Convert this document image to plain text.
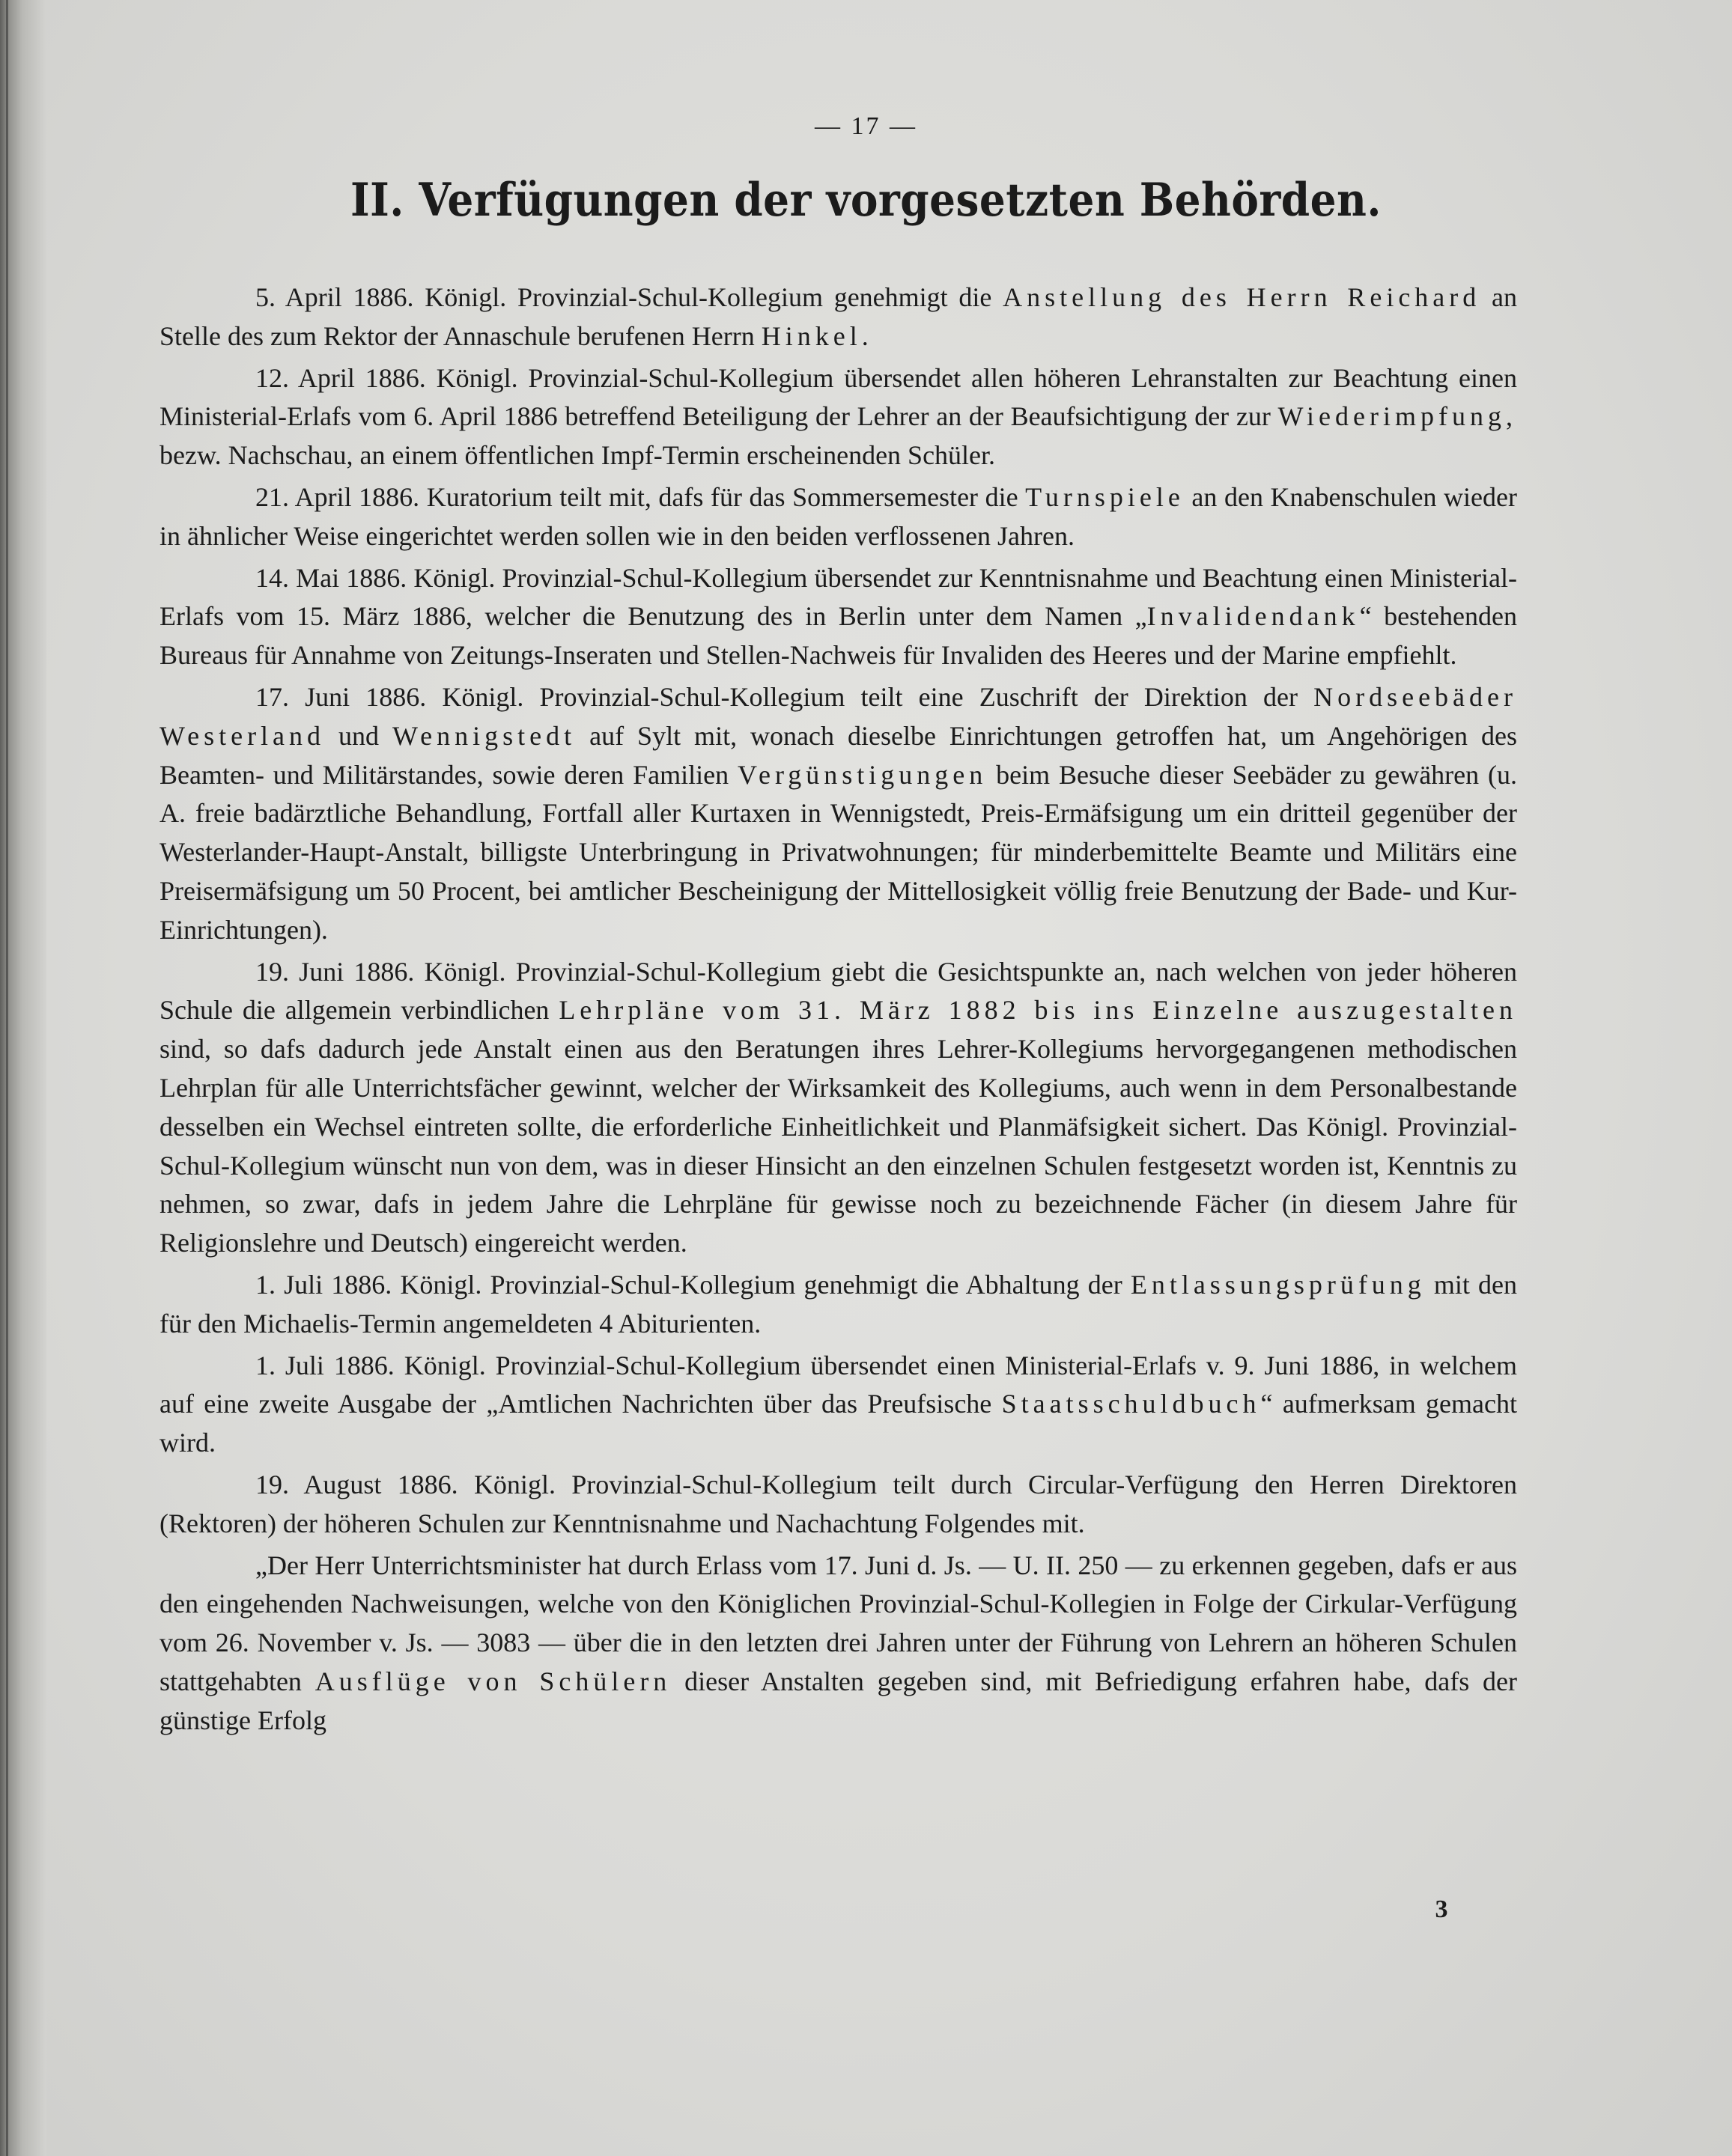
— 17 —
II. Verfügungen der vorgesetzten Behörden.

5. April 1886. Königl. Provinzial-Schul-Kollegium genehmigt die Anstellung des Herrn Reichard an Stelle des zum Rektor der Annaschule berufenen Herrn Hinkel.

12. April 1886. Königl. Provinzial-Schul-Kollegium übersendet allen höheren Lehranstalten zur Beachtung einen Ministerial-Erlafs vom 6. April 1886 betreffend Beteiligung der Lehrer an der Beaufsichtigung der zur Wiederimpfung, bezw. Nachschau, an einem öffentlichen Impf-Termin erscheinenden Schüler.

21. April 1886. Kuratorium teilt mit, dafs für das Sommersemester die Turnspiele an den Knabenschulen wieder in ähnlicher Weise eingerichtet werden sollen wie in den beiden verflossenen Jahren.

14. Mai 1886. Königl. Provinzial-Schul-Kollegium übersendet zur Kenntnisnahme und Beachtung einen Ministerial-Erlafs vom 15. März 1886, welcher die Benutzung des in Berlin unter dem Namen „Invalidendank“ bestehenden Bureaus für Annahme von Zeitungs-Inseraten und Stellen-Nachweis für Invaliden des Heeres und der Marine empfiehlt.

17. Juni 1886. Königl. Provinzial-Schul-Kollegium teilt eine Zuschrift der Direktion der Nordseebäder Westerland und Wennigstedt auf Sylt mit, wonach dieselbe Einrichtungen getroffen hat, um Angehörigen des Beamten- und Militärstandes, sowie deren Familien Vergünstigungen beim Besuche dieser Seebäder zu gewähren (u. A. freie badärztliche Behandlung, Fortfall aller Kurtaxen in Wennigstedt, Preis-Ermäfsigung um ein dritteil gegenüber der Westerlander-Haupt-Anstalt, billigste Unterbringung in Privatwohnungen; für minderbemittelte Beamte und Militärs eine Preisermäfsigung um 50 Procent, bei amtlicher Bescheinigung der Mittellosigkeit völlig freie Benutzung der Bade- und Kur-Einrichtungen).

19. Juni 1886. Königl. Provinzial-Schul-Kollegium giebt die Gesichtspunkte an, nach welchen von jeder höheren Schule die allgemein verbindlichen Lehrpläne vom 31. März 1882 bis ins Einzelne auszugestalten sind, so dafs dadurch jede Anstalt einen aus den Beratungen ihres Lehrer-Kollegiums hervorgegangenen methodischen Lehrplan für alle Unterrichtsfächer gewinnt, welcher der Wirksamkeit des Kollegiums, auch wenn in dem Personalbestande desselben ein Wechsel eintreten sollte, die erforderliche Einheitlichkeit und Planmäfsigkeit sichert. Das Königl. Provinzial-Schul-Kollegium wünscht nun von dem, was in dieser Hinsicht an den einzelnen Schulen festgesetzt worden ist, Kenntnis zu nehmen, so zwar, dafs in jedem Jahre die Lehrpläne für gewisse noch zu bezeichnende Fächer (in diesem Jahre für Religionslehre und Deutsch) eingereicht werden.

1. Juli 1886. Königl. Provinzial-Schul-Kollegium genehmigt die Abhaltung der Entlassungsprüfung mit den für den Michaelis-Termin angemeldeten 4 Abiturienten.

1. Juli 1886. Königl. Provinzial-Schul-Kollegium übersendet einen Ministerial-Erlafs v. 9. Juni 1886, in welchem auf eine zweite Ausgabe der „Amtlichen Nachrichten über das Preufsische Staatsschuldbuch“ aufmerksam gemacht wird.

19. August 1886. Königl. Provinzial-Schul-Kollegium teilt durch Circular-Verfügung den Herren Direktoren (Rektoren) der höheren Schulen zur Kenntnisnahme und Nachachtung Folgendes mit.

„Der Herr Unterrichtsminister hat durch Erlass vom 17. Juni d. Js. — U. II. 250 — zu erkennen gegeben, dafs er aus den eingehenden Nachweisungen, welche von den Königlichen Provinzial-Schul-Kollegien in Folge der Cirkular-Verfügung vom 26. November v. Js. — 3083 — über die in den letzten drei Jahren unter der Führung von Lehrern an höheren Schulen stattgehabten Ausflüge von Schülern dieser Anstalten gegeben sind, mit Befriedigung erfahren habe, dafs der günstige Erfolg

3
